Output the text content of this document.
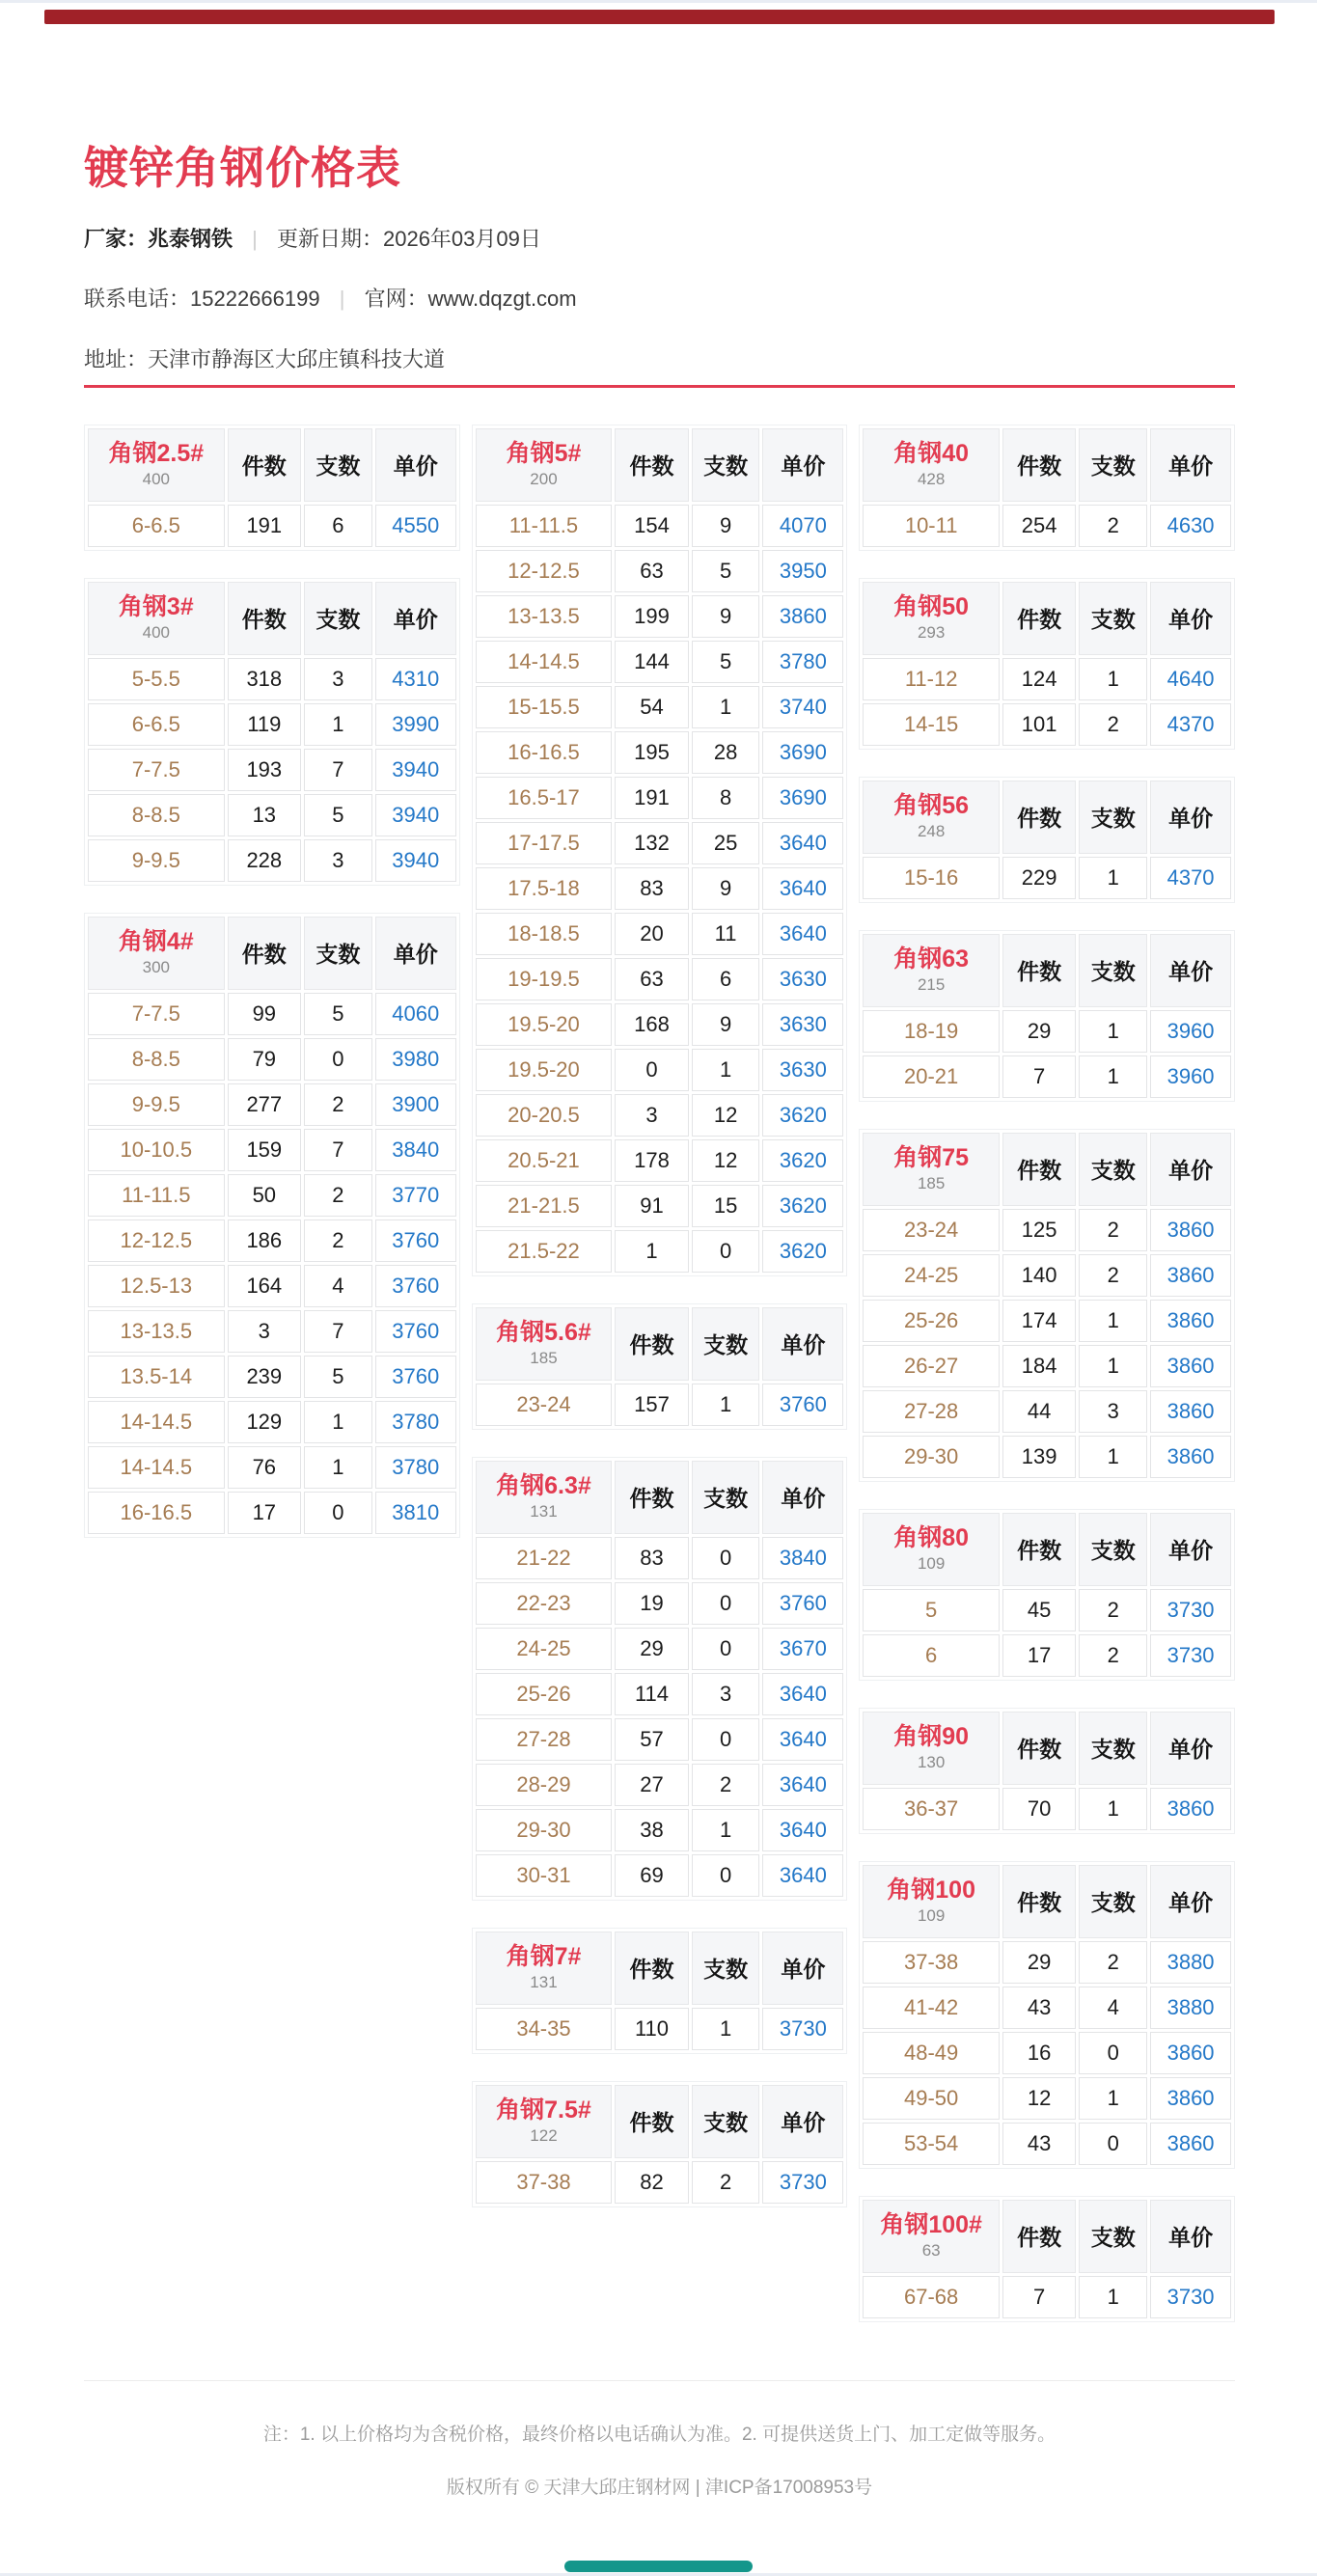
镀锌角钢价格表
厂家：兆泰钢铁 | 更新日期：2026年03月09日
联系电话：15222666199 | 官网：www.dqzgt.com
地址：天津市静海区大邱庄镇科技大道
角钢2.5#
400	件数	支数	单价
6-6.5	191	6	4550
角钢3#
400	件数	支数	单价
5-5.5	318	3	4310
6-6.5	119	1	3990
7-7.5	193	7	3940
8-8.5	13	5	3940
9-9.5	228	3	3940
角钢4#
300	件数	支数	单价
7-7.5	99	5	4060
8-8.5	79	0	3980
9-9.5	277	2	3900
10-10.5	159	7	3840
11-11.5	50	2	3770
12-12.5	186	2	3760
12.5-13	164	4	3760
13-13.5	3	7	3760
13.5-14	239	5	3760
14-14.5	129	1	3780
14-14.5	76	1	3780
16-16.5	17	0	3810
角钢5#
200	件数	支数	单价
11-11.5	154	9	4070
12-12.5	63	5	3950
13-13.5	199	9	3860
14-14.5	144	5	3780
15-15.5	54	1	3740
16-16.5	195	28	3690
16.5-17	191	8	3690
17-17.5	132	25	3640
17.5-18	83	9	3640
18-18.5	20	11	3640
19-19.5	63	6	3630
19.5-20	168	9	3630
19.5-20	0	1	3630
20-20.5	3	12	3620
20.5-21	178	12	3620
21-21.5	91	15	3620
21.5-22	1	0	3620
角钢5.6#
185	件数	支数	单价
23-24	157	1	3760
角钢6.3#
131	件数	支数	单价
21-22	83	0	3840
22-23	19	0	3760
24-25	29	0	3670
25-26	114	3	3640
27-28	57	0	3640
28-29	27	2	3640
29-30	38	1	3640
30-31	69	0	3640
角钢7#
131	件数	支数	单价
34-35	110	1	3730
角钢7.5#
122	件数	支数	单价
37-38	82	2	3730
角钢40
428	件数	支数	单价
10-11	254	2	4630
角钢50
293	件数	支数	单价
11-12	124	1	4640
14-15	101	2	4370
角钢56
248	件数	支数	单价
15-16	229	1	4370
角钢63
215	件数	支数	单价
18-19	29	1	3960
20-21	7	1	3960
角钢75
185	件数	支数	单价
23-24	125	2	3860
24-25	140	2	3860
25-26	174	1	3860
26-27	184	1	3860
27-28	44	3	3860
29-30	139	1	3860
角钢80
109	件数	支数	单价
5	45	2	3730
6	17	2	3730
角钢90
130	件数	支数	单价
36-37	70	1	3860
角钢100
109	件数	支数	单价
37-38	29	2	3880
41-42	43	4	3880
48-49	16	0	3860
49-50	12	1	3860
53-54	43	0	3860
角钢100#
63	件数	支数	单价
67-68	7	1	3730
注：1. 以上价格均为含税价格，最终价格以电话确认为准。2. 可提供送货上门、加工定做等服务。
版权所有 © 天津大邱庄钢材网 | 津ICP备17008953号
